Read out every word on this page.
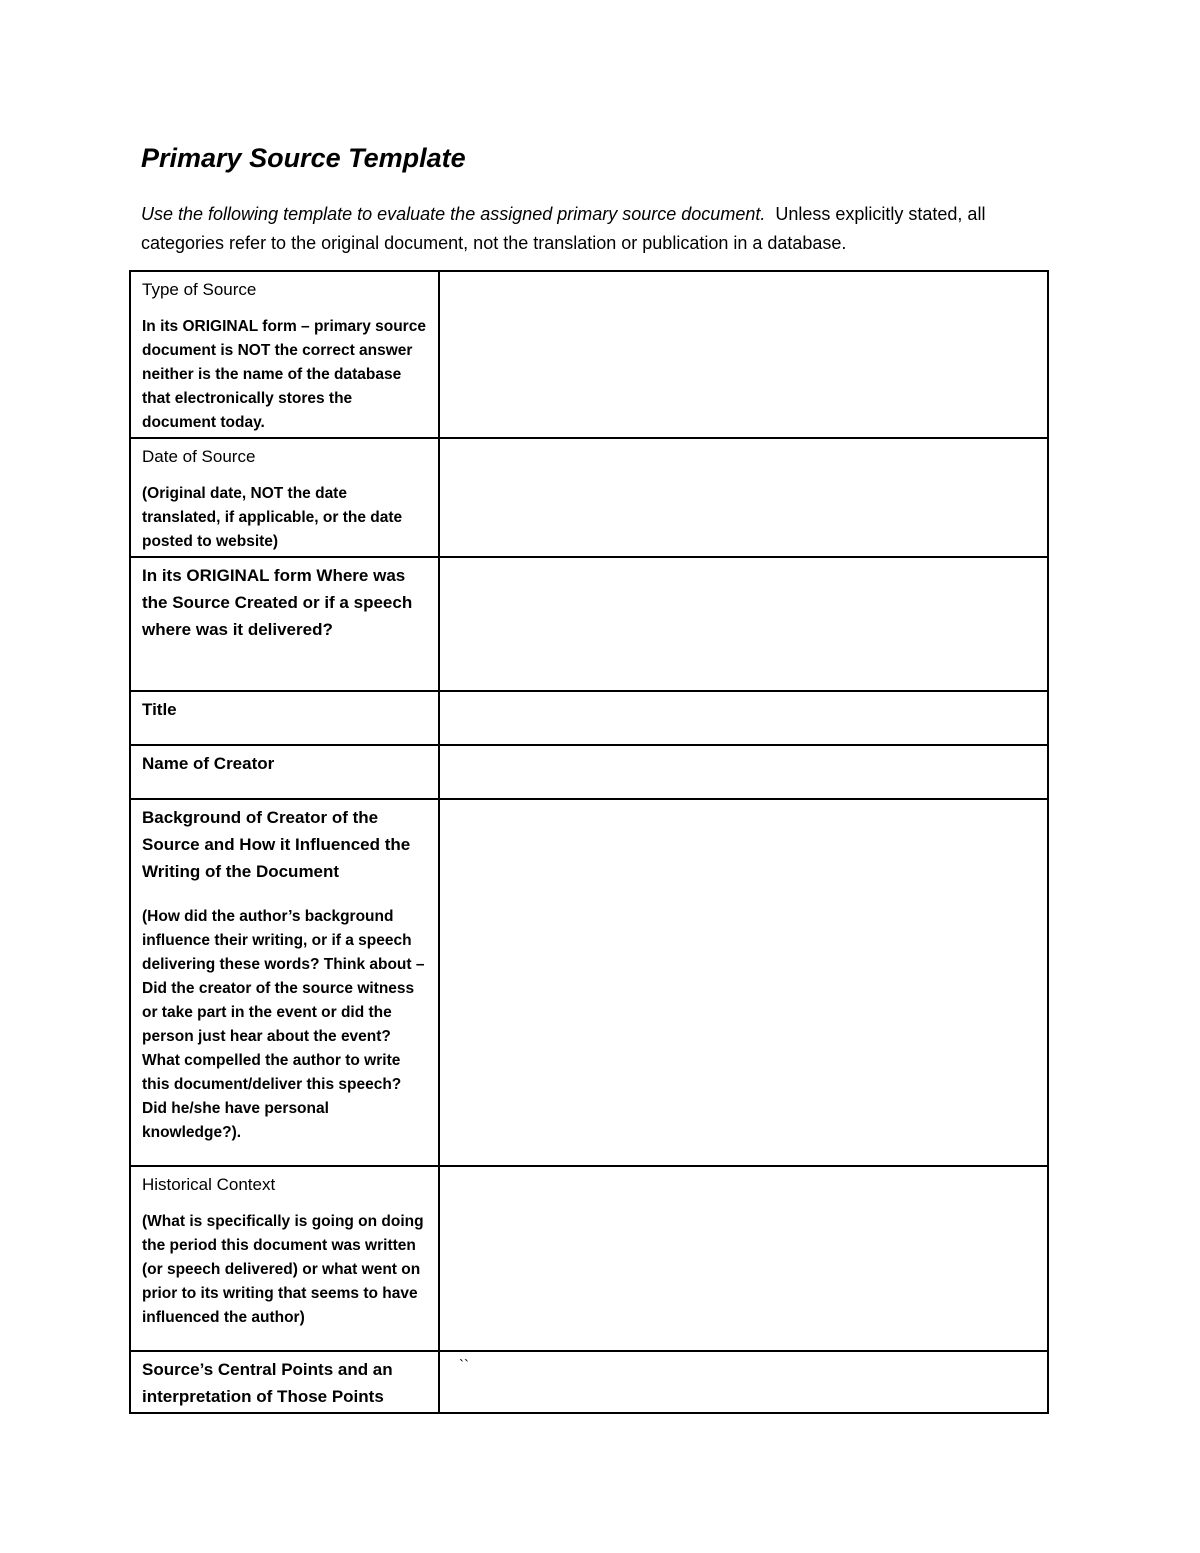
Primary Source Template
Use the following template to evaluate the assigned primary source document. Unless explicitly stated, all categories refer to the original document, not the translation or publication in a database.
Type of Source
In its ORIGINAL form – primary source document is NOT the correct answer neither is the name of the database that electronically stores the document today.	

Date of Source
(Original date, NOT the date translated, if applicable, or the date posted to website)	

In its ORIGINAL form Where was the Source Created or if a speech where was it delivered?	

Title	

Name of Creator	

Background of Creator of the Source and How it Influenced the Writing of the Document
(How did the author’s background influence their writing, or if a speech delivering these words? Think about – Did the creator of the source witness or take part in the event or did the person just hear about the event? What compelled the author to write this document/deliver this speech? Did he/she have personal knowledge?).	

Historical Context
(What is specifically is going on doing the period this document was written (or speech delivered) or what went on prior to its writing that seems to have influenced the author)	

Source’s Central Points and an interpretation of Those Points	``
